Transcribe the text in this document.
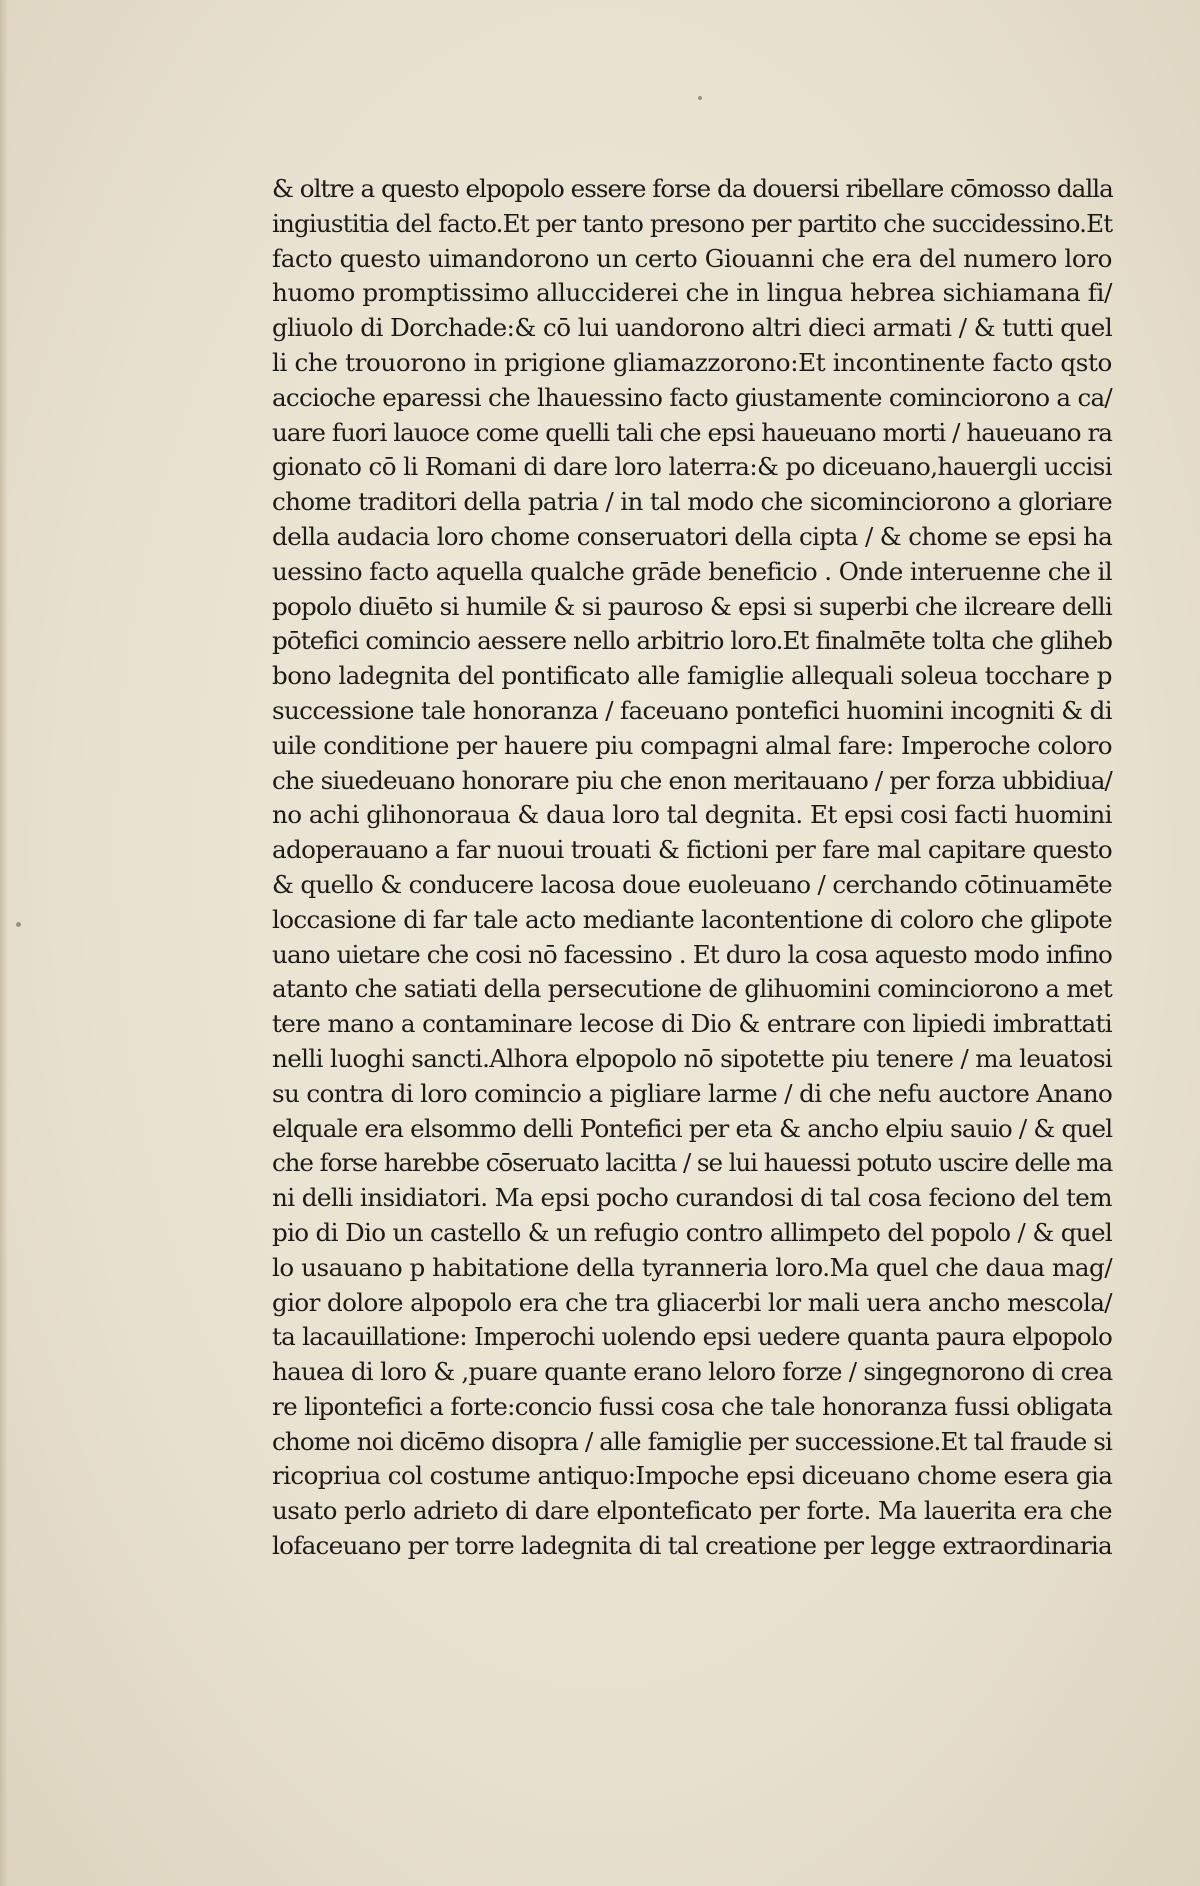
& oltre a questo elpopolo essere forse da douersi ribellare cōmosso dalla
ingiustitia del facto.Et per tanto presono per partito che succidessino.Et
facto questo uimandorono un certo Giouanni che era del numero loro
huomo promptissimo allucciderei che in lingua hebrea sichiamana fi/
gliuolo di Dorchade:& cō lui uandorono altri dieci armati / & tutti quel
li che trouorono in prigione gliamazzorono:Et incontinente facto qsto
accioche eparessi che lhauessino facto giustamente cominciorono a ca/
uare fuori lauoce come quelli tali che epsi haueuano morti / haueuano ra
gionato cō li Romani di dare loro laterra:& po diceuano,hauergli uccisi
chome traditori della patria / in tal modo che sicominciorono a gloriare
della audacia loro chome conseruatori della cipta / & chome se epsi ha
uessino facto aquella qualche grāde beneficio . Onde interuenne che il
popolo diuēto si humile & si pauroso & epsi si superbi che ilcreare delli
pōtefici comincio aessere nello arbitrio loro.Et finalmēte tolta che gliheb
bono ladegnita del pontificato alle famiglie allequali soleua tocchare p
successione tale honoranza / faceuano pontefici huomini incogniti & di
uile conditione per hauere piu compagni almal fare: Imperoche coloro
che siuedeuano honorare piu che enon meritauano / per forza ubbidiua/
no achi glihonoraua & daua loro tal degnita. Et epsi cosi facti huomini
adoperauano a far nuoui trouati & fictioni per fare mal capitare questo
& quello & conducere lacosa doue euoleuano / cerchando cōtinuamēte
loccasione di far tale acto mediante lacontentione di coloro che glipote
uano uietare che cosi nō facessino . Et duro la cosa aquesto modo infino
atanto che satiati della persecutione de glihuomini cominciorono a met
tere mano a contaminare lecose di Dio & entrare con lipiedi imbrattati
nelli luoghi sancti.Alhora elpopolo nō sipotette piu tenere / ma leuatosi
su contra di loro comincio a pigliare larme / di che nefu auctore Anano
elquale era elsommo delli Pontefici per eta & ancho elpiu sauio / & quel
che forse harebbe cōseruato lacitta / se lui hauessi potuto uscire delle ma
ni delli insidiatori. Ma epsi pocho curandosi di tal cosa feciono del tem
pio di Dio un castello & un refugio contro allimpeto del popolo / & quel
lo usauano p habitatione della tyranneria loro.Ma quel che daua mag/
gior dolore alpopolo era che tra gliacerbi lor mali uera ancho mescola/
ta lacauillatione: Imperochi uolendo epsi uedere quanta paura elpopolo
hauea di loro & ,puare quante erano leloro forze / singegnorono di crea
re lipontefici a forte:concio fussi cosa che tale honoranza fussi obligata
chome noi dicēmo disopra / alle famiglie per successione.Et tal fraude si
ricopriua col costume antiquo:Impoche epsi diceuano chome esera gia
usato perlo adrieto di dare elponteficato per forte. Ma lauerita era che
lofaceuano per torre ladegnita di tal creatione per legge extraordinaria
